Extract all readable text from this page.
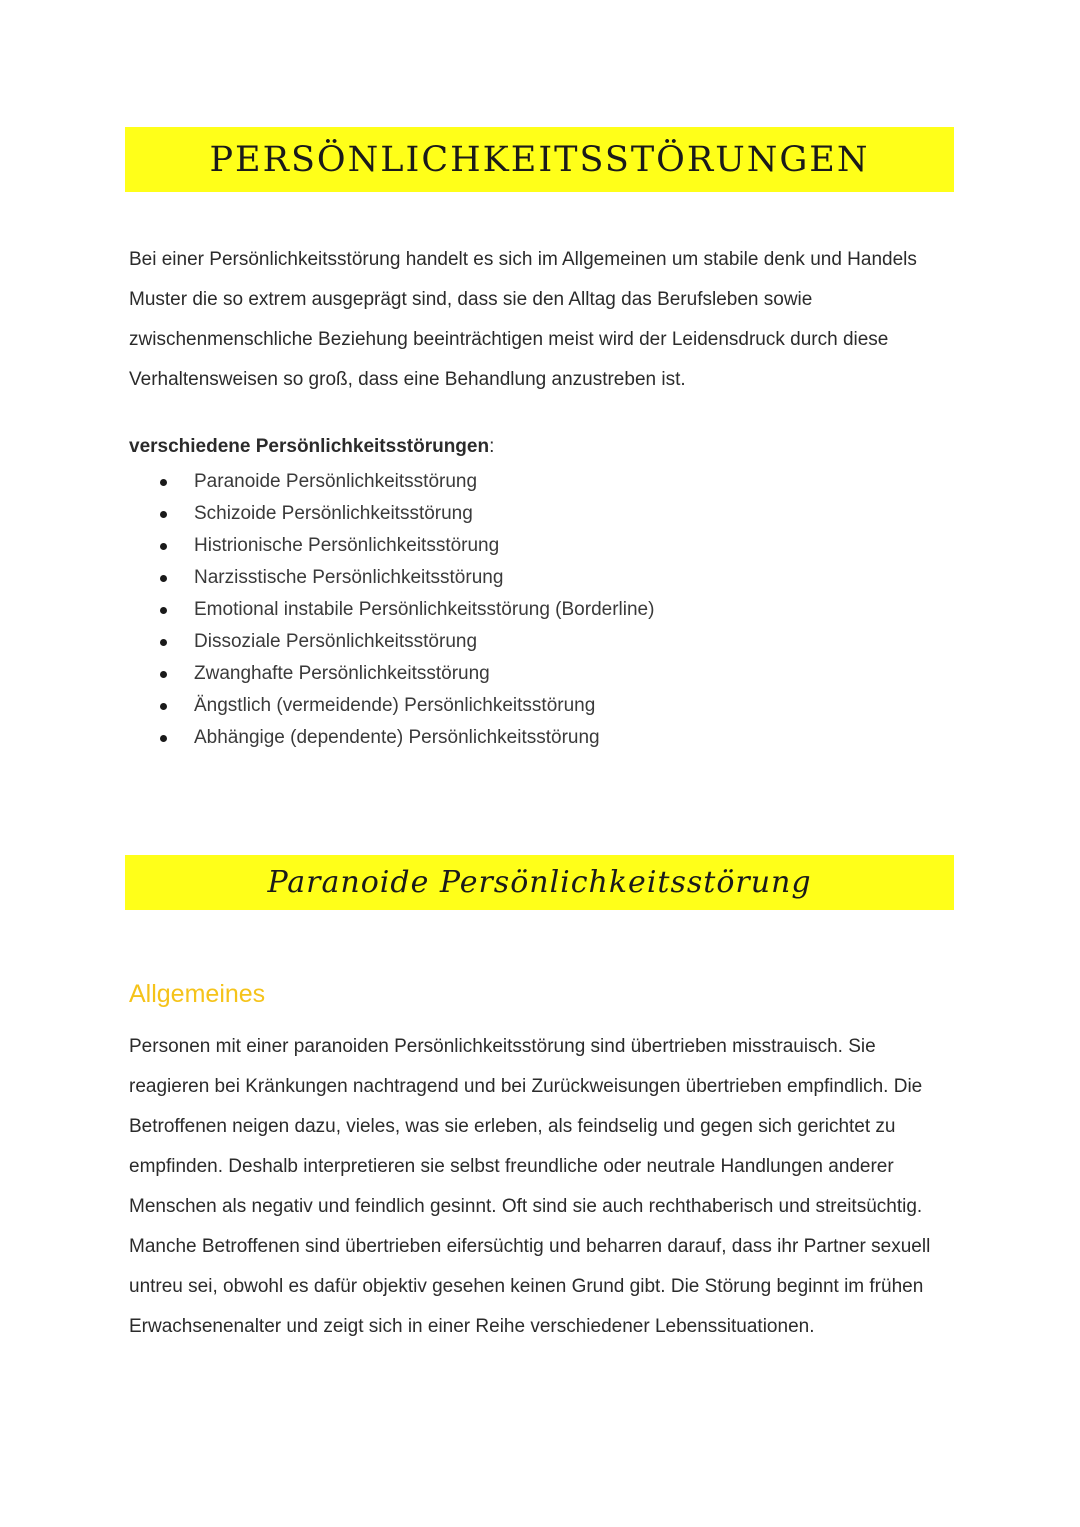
PERSÖNLICHKEITSSTÖRUNGEN

Bei einer Persönlichkeitsstörung handelt es sich im Allgemeinen um stabile denk und Handels Muster die so extrem ausgeprägt sind, dass sie den Alltag das Berufsleben sowie zwischenmenschliche Beziehung beeinträchtigen meist wird der Leidensdruck durch diese Verhaltensweisen so groß, dass eine Behandlung anzustreben ist.

verschiedene Persönlichkeitsstörungen:

Paranoide Persönlichkeitsstörung
Schizoide Persönlichkeitsstörung
Histrionische Persönlichkeitsstörung
Narzisstische Persönlichkeitsstörung
Emotional instabile Persönlichkeitsstörung (Borderline)
Dissoziale Persönlichkeitsstörung
Zwanghafte Persönlichkeitsstörung
Ängstlich (vermeidende) Persönlichkeitsstörung
Abhängige (dependente) Persönlichkeitsstörung
Paranoide Persönlichkeitsstörung
Allgemeines

Personen mit einer paranoiden Persönlichkeitsstörung sind übertrieben misstrauisch. Sie reagieren bei Kränkungen nachtragend und bei Zurückweisungen übertrieben empfindlich. Die Betroffenen neigen dazu, vieles, was sie erleben, als feindselig und gegen sich gerichtet zu empfinden. Deshalb interpretieren sie selbst freundliche oder neutrale Handlungen anderer Menschen als negativ und feindlich gesinnt. Oft sind sie auch rechthaberisch und streitsüchtig. Manche Betroffenen sind übertrieben eifersüchtig und beharren darauf, dass ihr Partner sexuell untreu sei, obwohl es dafür objektiv gesehen keinen Grund gibt. Die Störung beginnt im frühen Erwachsenenalter und zeigt sich in einer Reihe verschiedener Lebenssituationen.
